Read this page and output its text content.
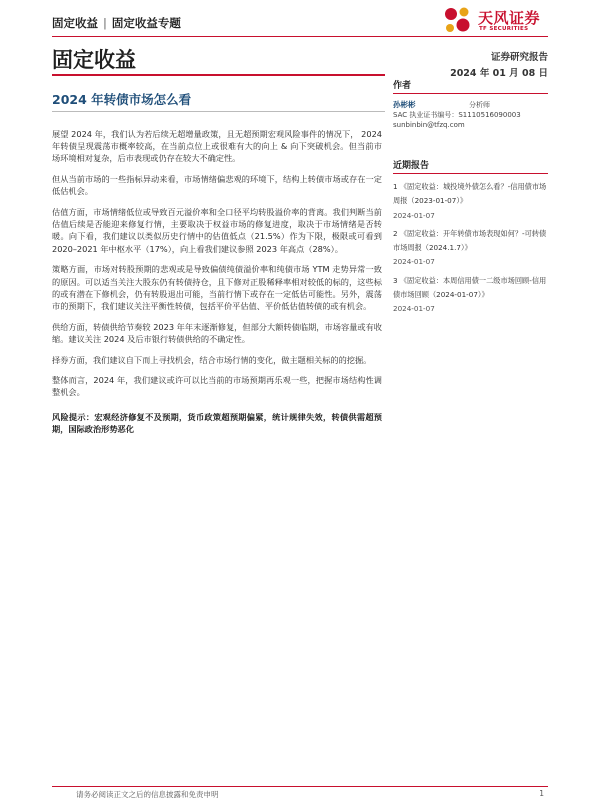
固定收益 | 固定收益专题	天风证券
TF SECURITIES
固定收益	证券研究报告
2024 年 01 月 08 日
2024 年转债市场怎么看

展望 2024 年，我们认为若后续无超增量政策，且无超预期宏观风险事件的情况下， 2024 年转债呈现震荡市概率较高，在当前点位上或很难有大的向上 & 向下突破机会。但当前市场环境相对复杂，后市表现或仍存在较大不确定性。

但从当前市场的一些指标异动来看，市场情绪偏悲观的环境下，结构上转债市场或存在一定低估机会。

估值方面，市场情绪低位或导致百元溢价率和全口径平均转股溢价率的背离。我们判断当前估值后续是否能迎来修复行情，主要取决于权益市场的修复进度，取决于市场情绪是否转暖。向下看，我们建议以类似历史行情中的估值低点（21.5%）作为下限，极限或可看到 2020–2021 年中枢水平（17%），向上看我们建议参照 2023 年高点（28%）。

策略方面，市场对转股预期的悲观或是导致偏债纯债溢价率和纯债市场 YTM 走势异常一致的原因。可以适当关注大股东仍有转债持仓，且下修对正股稀释率相对较低的标的，这些标的或有潜在下修机会，仍有转股退出可能，当前行情下或存在一定低估可能性。另外，震荡市的预期下，我们建议关注平衡性转债，包括平价平估值、平价低估值转债的或有机会。

供给方面，转债供给节奏较 2023 年年末逐渐修复，但部分大额转债临期，市场容量或有收缩。建议关注 2024 及后市银行转债供给的不确定性。

择券方面，我们建议自下而上寻找机会，结合市场行情的变化，做主题相关标的的挖掘。

整体而言，2024 年，我们建议或许可以比当前的市场预期再乐观一些，把握市场结构性调整机会。

风险提示：宏观经济修复不及预期，货币政策超预期偏紧，统计规律失效，转债供需超预期，国际政治形势恶化
作者
孙彬彬	分析师
SAC 执业证书编号：S1110516090003
sunbinbin@tfzq.com
近期报告
1 《固定收益：城投境外债怎么看？-信用债市场周报（2023-01-07）》
2024-01-07
2 《固定收益：开年转债市场表现如何？-可转债市场周报（2024.1.7）》
2024-01-07
3 《固定收益：本周信用债一二级市场回顾-信用债市场回顾（2024-01-07）》
2024-01-07
请务必阅读正文之后的信息披露和免责申明	1
